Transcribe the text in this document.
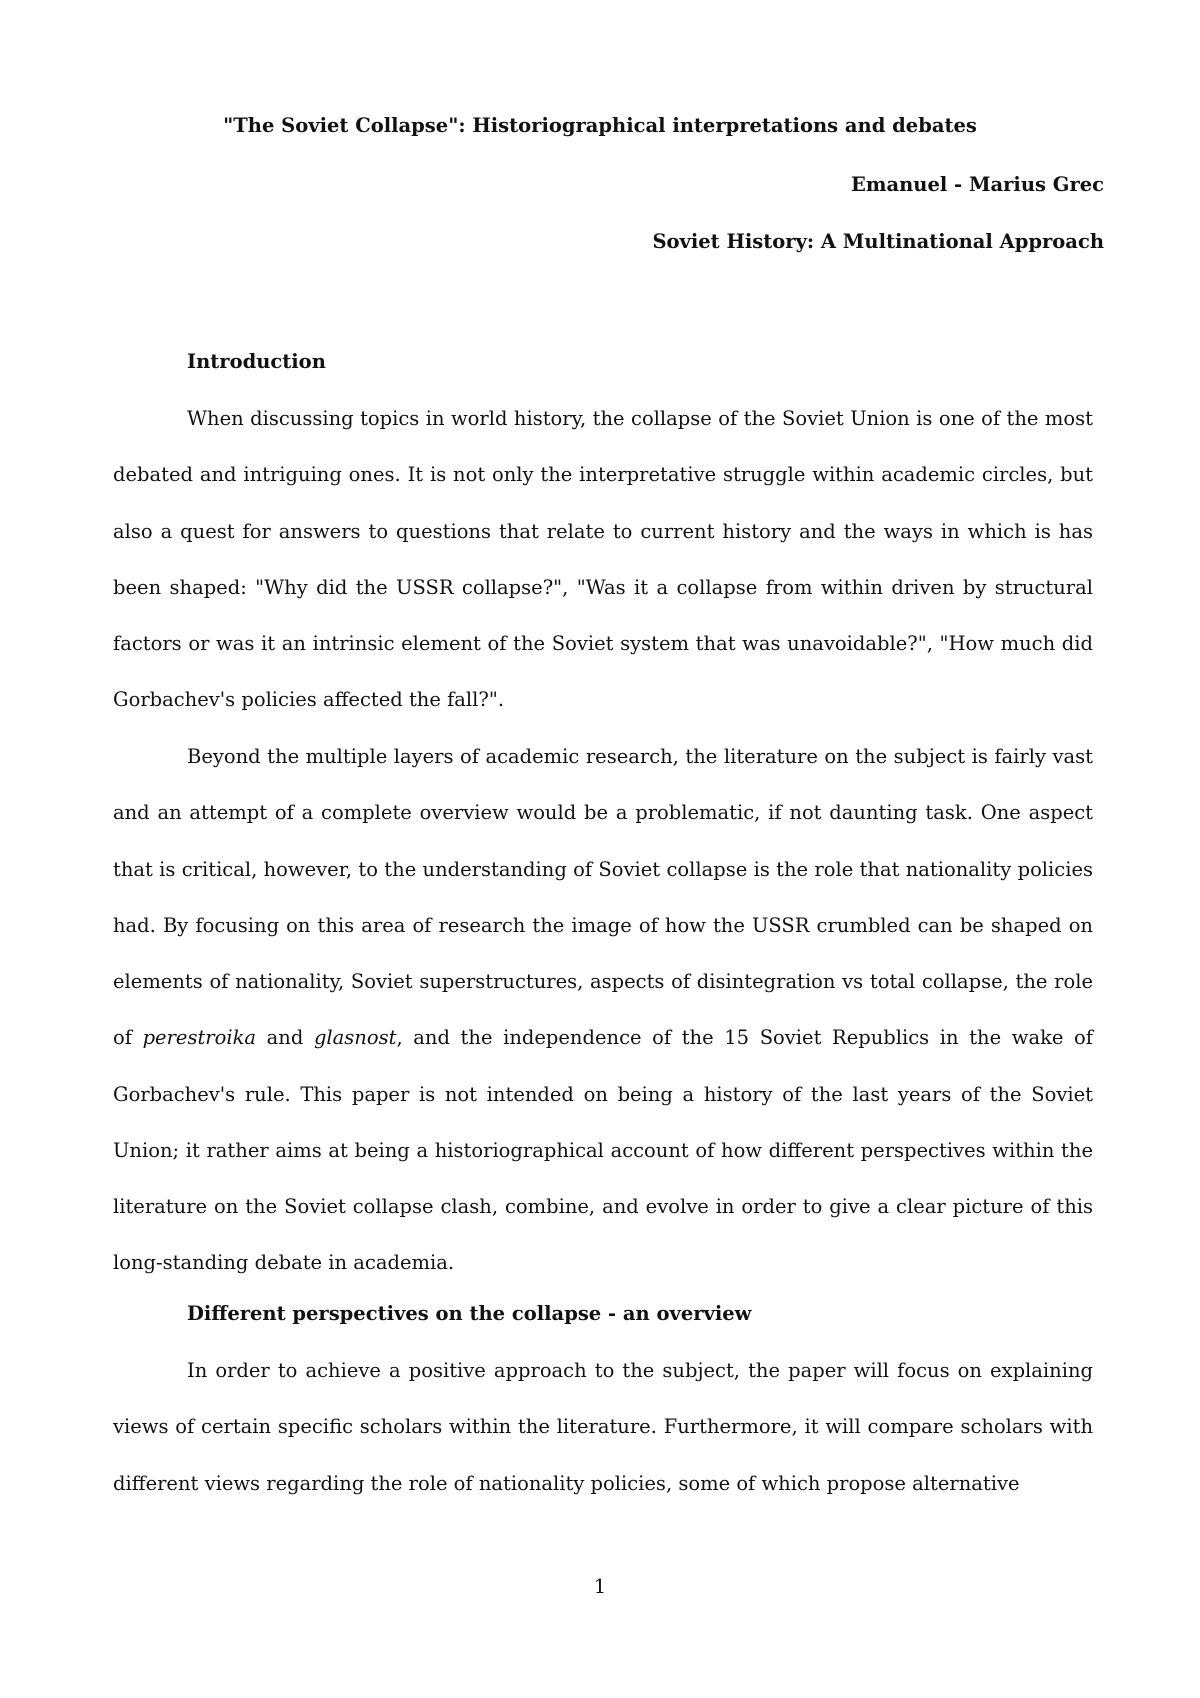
"The Soviet Collapse": Historiographical interpretations and debates
Emanuel - Marius Grec
Soviet History: A Multinational Approach
Introduction

When discussing topics in world history, the collapse of the Soviet Union is one of the most debated and intriguing ones. It is not only the interpretative struggle within academic circles, but also a quest for answers to questions that relate to current history and the ways in which is has been shaped: "Why did the USSR collapse?", "Was it a collapse from within driven by structural factors or was it an intrinsic element of the Soviet system that was unavoidable?", "How much did Gorbachev's policies affected the fall?".

Beyond the multiple layers of academic research, the literature on the subject is fairly vast and an attempt of a complete overview would be a problematic, if not daunting task. One aspect that is critical, however, to the understanding of Soviet collapse is the role that nationality policies had. By focusing on this area of research the image of how the USSR crumbled can be shaped on elements of nationality, Soviet superstructures, aspects of disintegration vs total collapse, the role of perestroika and glasnost, and the independence of the 15 Soviet Republics in the wake of Gorbachev's rule. This paper is not intended on being a history of the last years of the Soviet Union; it rather aims at being a historiographical account of how different perspectives within the literature on the Soviet collapse clash, combine, and evolve in order to give a clear picture of this long-standing debate in academia.

Different perspectives on the collapse - an overview

In order to achieve a positive approach to the subject, the paper will focus on explaining views of certain specific scholars within the literature. Furthermore, it will compare scholars with different views regarding the role of nationality policies, some of which propose alternative

1
